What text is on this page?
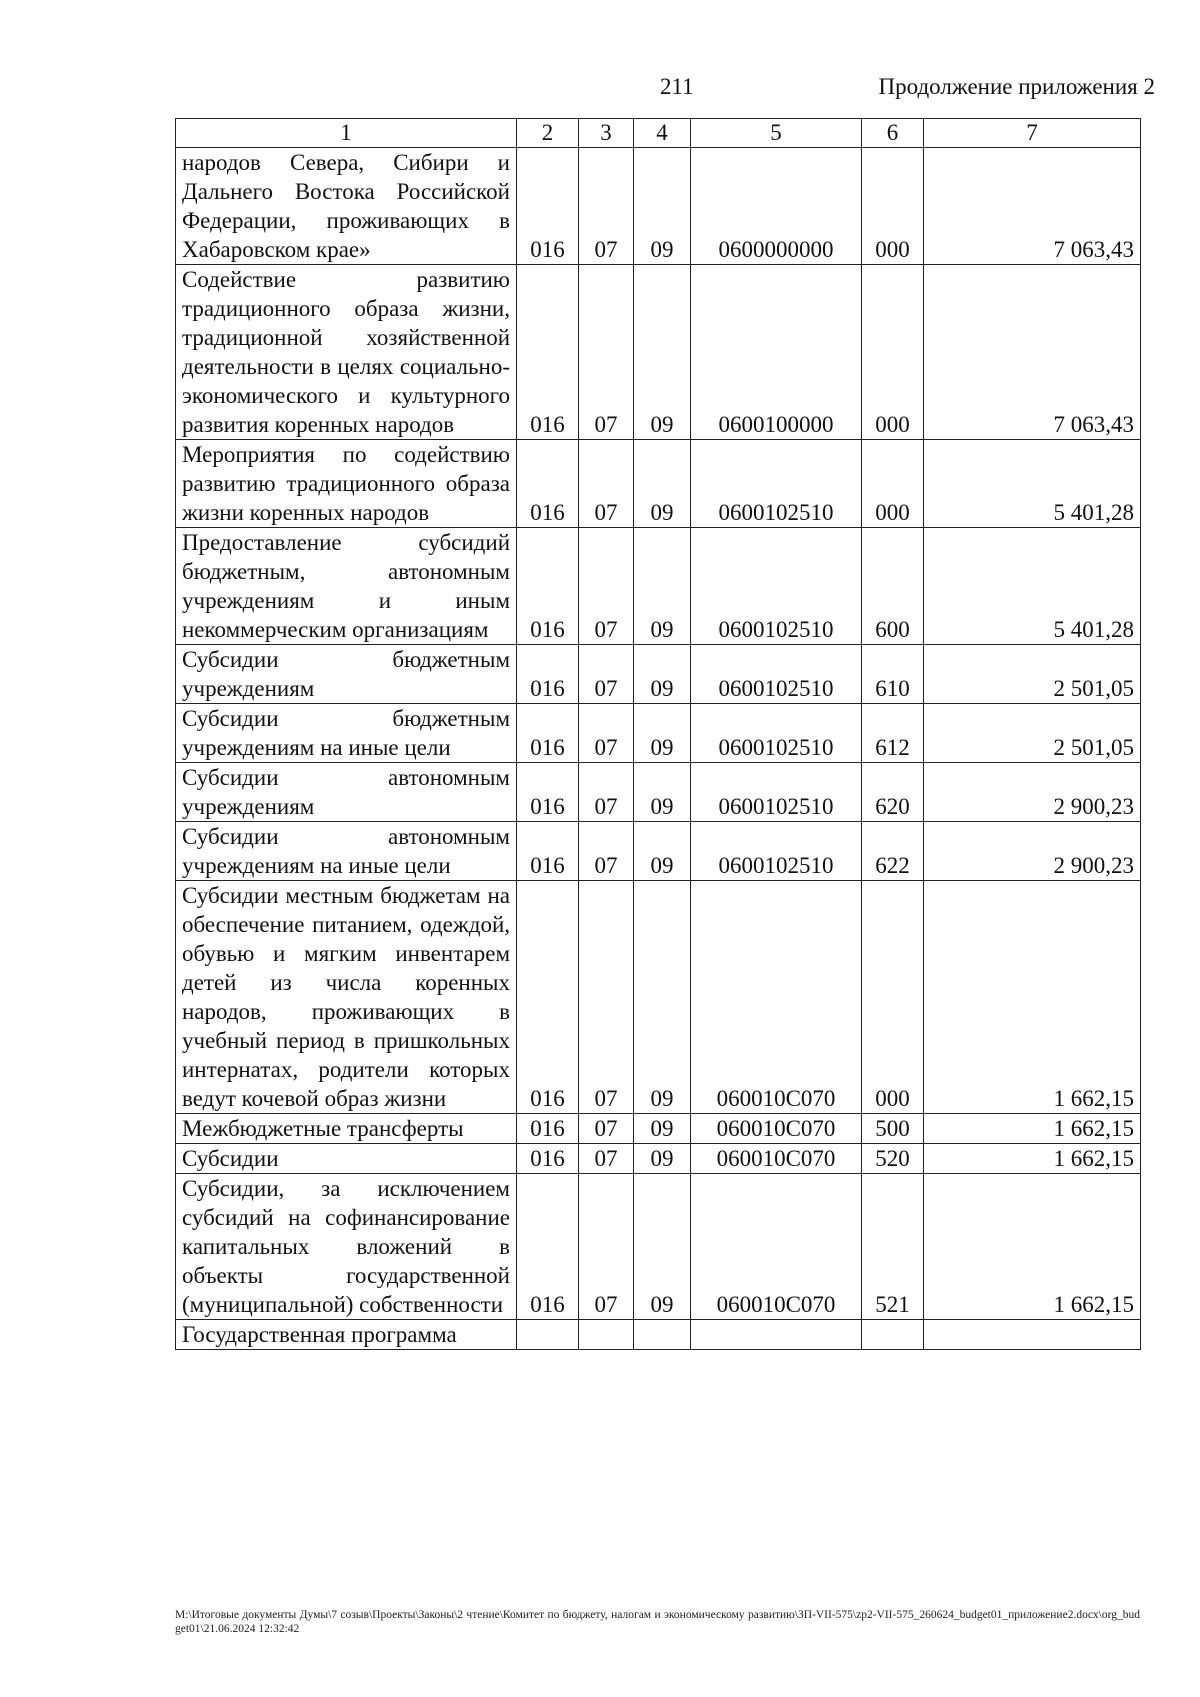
211	Продолжение приложения 2
1	2	3	4	5	6	7
народов Севера, Сибири и Дальнего Востока Российской Федерации, проживающих в Хабаровском крае»	016	07	09	0600000000	000	7 063,43
Содействие развитию традиционного образа жизни, традиционной хозяйственной деятельности в целях социально-экономического и культурного развития коренных народов	016	07	09	0600100000	000	7 063,43
Мероприятия по содействию развитию традиционного образа жизни коренных народов	016	07	09	0600102510	000	5 401,28
Предоставление субсидий бюджетным, автономным учреждениям и иным некоммерческим организациям	016	07	09	0600102510	600	5 401,28
Субсидии бюджетным учреждениям	016	07	09	0600102510	610	2 501,05
Субсидии бюджетным учреждениям на иные цели	016	07	09	0600102510	612	2 501,05
Субсидии автономным учреждениям	016	07	09	0600102510	620	2 900,23
Субсидии автономным учреждениям на иные цели	016	07	09	0600102510	622	2 900,23
Субсидии местным бюджетам на обеспечение питанием, одеждой, обувью и мягким инвентарем детей из числа коренных народов, проживающих в учебный период в пришкольных интернатах, родители которых ведут кочевой образ жизни	016	07	09	060010С070	000	1 662,15
Межбюджетные трансферты	016	07	09	060010С070	500	1 662,15
Субсидии	016	07	09	060010С070	520	1 662,15
Субсидии, за исключением субсидий на софинансирование капитальных вложений в объекты государственной (муниципальной) собственности	016	07	09	060010С070	521	1 662,15
Государственная программа						
М:\Итоговые документы Думы\7 созыв\Проекты\Законы\2 чтение\Комитет по бюджету, налогам и экономическому развитию\ЗП-VII-575\zp2-VII-575_260624_budget01_приложение2.docx\org_budget01\21.06.2024 12:32:42
